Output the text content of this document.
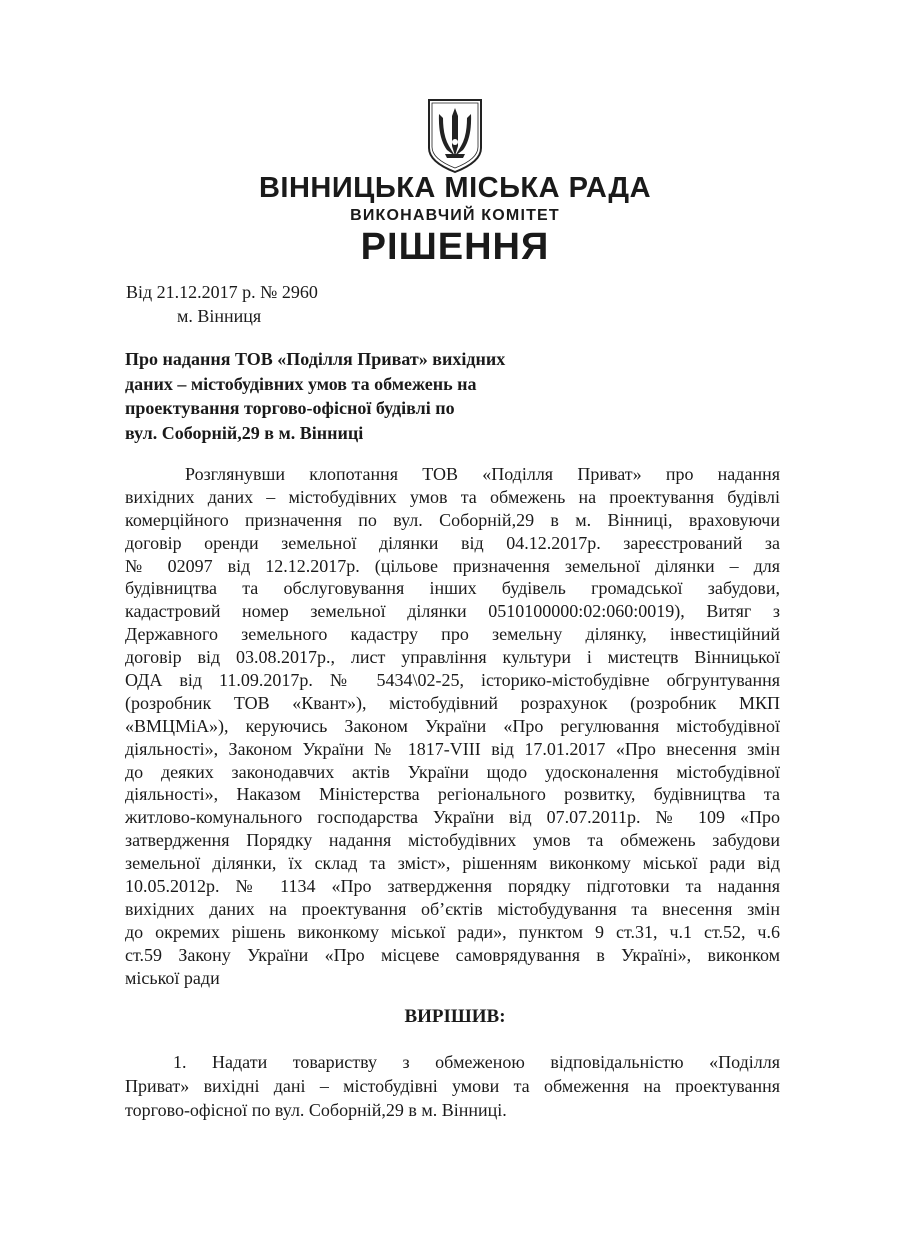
ВІННИЦЬКА МІСЬКА РАДА
ВИКОНАВЧИЙ КОМІТЕТ
РІШЕННЯ
Від 21.12.2017 р. № 2960
м. Вінниця
Про надання ТОВ «Поділля Приват» вихідних
даних – містобудівних умов та обмежень на
проектування торгово-офісної будівлі по
вул. Соборній,29 в м. Вінниці
Розглянувши клопотання ТОВ «Поділля Приват» про надання
вихідних даних – містобудівних умов та обмежень на проектування будівлі
комерційного призначення по вул. Соборній,29 в м. Вінниці, враховуючи
договір оренди земельної ділянки від 04.12.2017р. зареєстрований за
№ 02097 від 12.12.2017р. (цільове призначення земельної ділянки – для
будівництва та обслуговування інших будівель громадської забудови,
кадастровий номер земельної ділянки 0510100000:02:060:0019), Витяг з
Державного земельного кадастру про земельну ділянку, інвестиційний
договір від 03.08.2017р., лист управління культури і мистецтв Вінницької
ОДА від 11.09.2017р. № 5434\02-25, історико-містобудівне обгрунтування
(розробник ТОВ «Квант»), містобудівний розрахунок (розробник МКП
«ВМЦМіА»), керуючись Законом України «Про регулювання містобудівної
діяльності», Законом України № 1817-VIII від 17.01.2017 «Про внесення змін
до деяких законодавчих актів України щодо удосконалення містобудівної
діяльності», Наказом Міністерства регіонального розвитку, будівництва та
житлово-комунального господарства України від 07.07.2011р. № 109 «Про
затвердження Порядку надання містобудівних умов та обмежень забудови
земельної ділянки, їх склад та зміст», рішенням виконкому міської ради від
10.05.2012р. № 1134 «Про затвердження порядку підготовки та надання
вихідних даних на проектування об’єктів містобудування та внесення змін
до окремих рішень виконкому міської ради», пунктом 9 ст.31, ч.1 ст.52, ч.6
ст.59 Закону України «Про місцеве самоврядування в Україні», виконком
міської ради
ВИРІШИВ:
1. Надати товариству з обмеженою відповідальністю «Поділля
Приват» вихідні дані – містобудівні умови та обмеження на проектування
торгово-офісної по вул. Соборній,29 в м. Вінниці.
